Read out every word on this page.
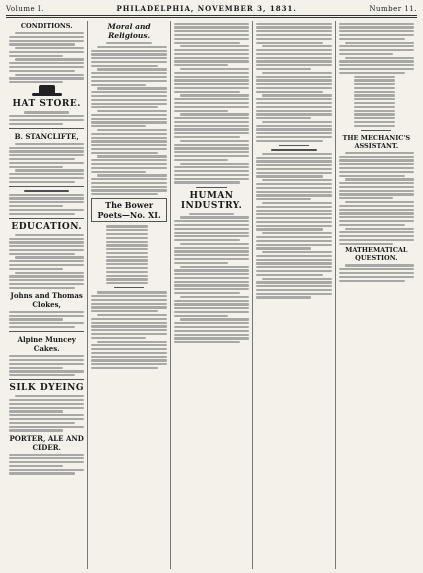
Volume I.	PHILADELPHIA, NOVEMBER 3, 1831.	Number 11.
CONDITIONS.
HAT STORE.
B. STANCLIFTE,
EDUCATION.
Johns and Thomas Clokes,
Alpine Muncey Cakes.
SILK DYEING
PORTER, ALE AND CIDER.
Moral and Religious.
The Bower Poets—No. XI.
HUMAN INDUSTRY.
THE MECHANIC'S ASSISTANT.
MATHEMATICAL QUESTION.
